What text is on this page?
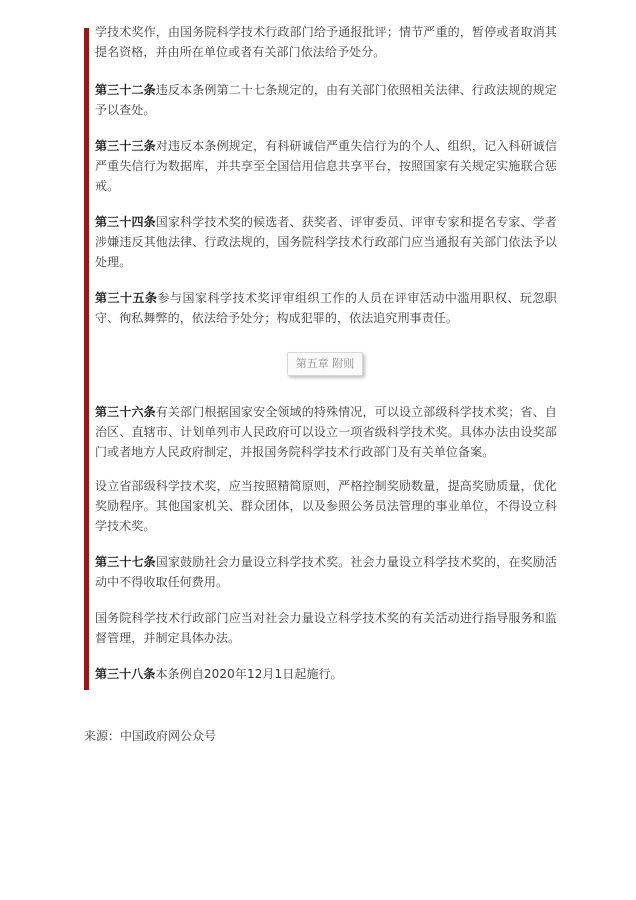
学技术奖作，由国务院科学技术行政部门给予通报批评；情节严重的，暂停或者取消其提名资格，并由所在单位或者有关部门依法给予处分。

第三十二条违反本条例第二十七条规定的，由有关部门依照相关法律、行政法规的规定予以查处。

第三十三条对违反本条例规定，有科研诚信严重失信行为的个人、组织，记入科研诚信严重失信行为数据库，并共享至全国信用信息共享平台，按照国家有关规定实施联合惩戒。

第三十四条国家科学技术奖的候选者、获奖者、评审委员、评审专家和提名专家、学者涉嫌违反其他法律、行政法规的，国务院科学技术行政部门应当通报有关部门依法予以处理。

第三十五条参与国家科学技术奖评审组织工作的人员在评审活动中滥用职权、玩忽职守、徇私舞弊的，依法给予处分；构成犯罪的，依法追究刑事责任。

第五章 附则

第三十六条有关部门根据国家安全领域的特殊情况，可以设立部级科学技术奖；省、自治区、直辖市、计划单列市人民政府可以设立一项省级科学技术奖。具体办法由设奖部门或者地方人民政府制定，并报国务院科学技术行政部门及有关单位备案。

设立省部级科学技术奖，应当按照精简原则，严格控制奖励数量，提高奖励质量，优化奖励程序。其他国家机关、群众团体，以及参照公务员法管理的事业单位，不得设立科学技术奖。

第三十七条国家鼓励社会力量设立科学技术奖。社会力量设立科学技术奖的，在奖励活动中不得收取任何费用。

国务院科学技术行政部门应当对社会力量设立科学技术奖的有关活动进行指导服务和监督管理，并制定具体办法。

第三十八条本条例自2020年12月1日起施行。

来源：中国政府网公众号
